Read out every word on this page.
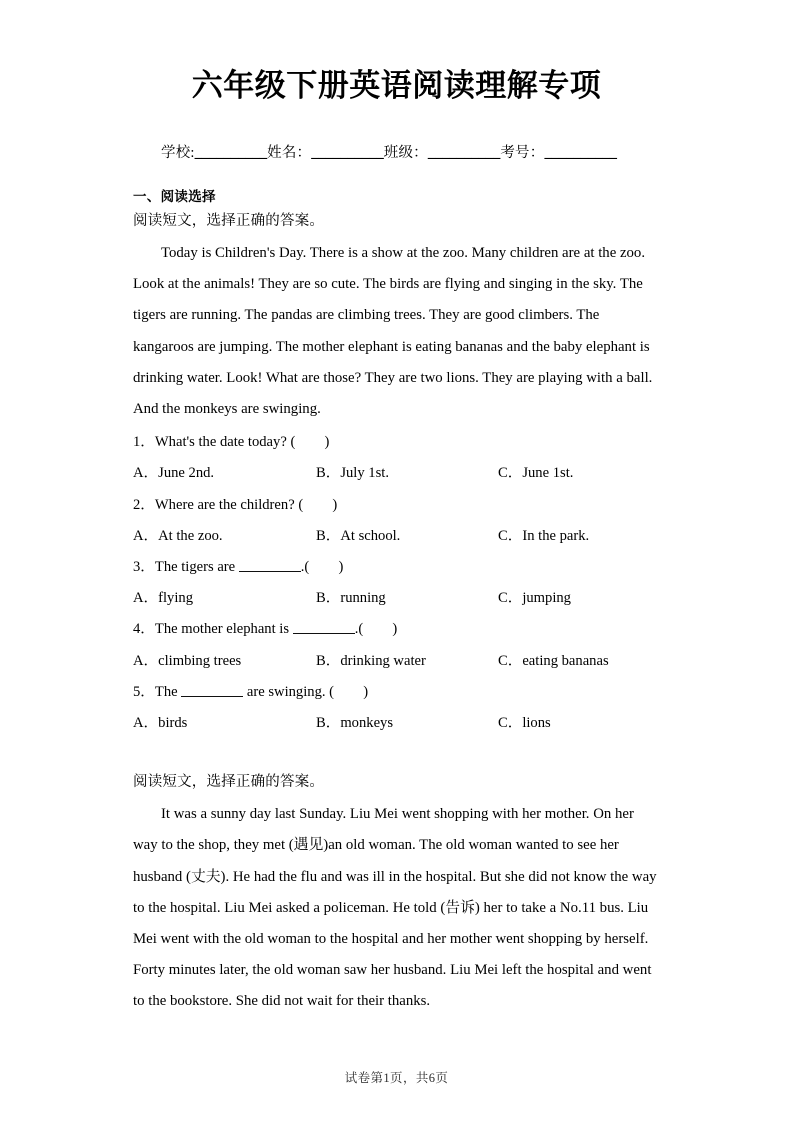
六年级下册英语阅读理解专项
学校:__________姓名：__________班级：__________考号：__________
一、阅读选择
阅读短文，选择正确的答案。
Today is Children's Day. There is a show at the zoo. Many children are at the zoo. Look at the animals! They are so cute. The birds are flying and singing in the sky. The tigers are running. The pandas are climbing trees. They are good climbers. The kangaroos are jumping. The mother elephant is eating bananas and the baby elephant is drinking water. Look! What are those? They are two lions. They are playing with a ball. And the monkeys are swinging.
1．What's the date today? (　　 )
A．June 2nd.	B．July 1st.	C．June 1st.
2．Where are the children? (　　 )
A．At the zoo.	B．At school.	C．In the park.
3．The tigers are	.(　　 )
A．flying	B．running	C．jumping
4．The mother elephant is	.(　　 )
A．climbing trees	B．drinking water	C．eating bananas
5．The	are swinging. (　　 )
A．birds	B．monkeys	C．lions
阅读短文，选择正确的答案。
It was a sunny day last Sunday. Liu Mei went shopping with her mother. On her way to the shop, they met (遇见)an old woman. The old woman wanted to see her husband (丈夫). He had the flu and was ill in the hospital. But she did not know the way to the hospital. Liu Mei asked a policeman. He told (告诉) her to take a No.11 bus. Liu Mei went with the old woman to the hospital and her mother went shopping by herself. Forty minutes later, the old woman saw her husband. Liu Mei left the hospital and went to the bookstore. She did not wait for their thanks.
试卷第1页，共6页
